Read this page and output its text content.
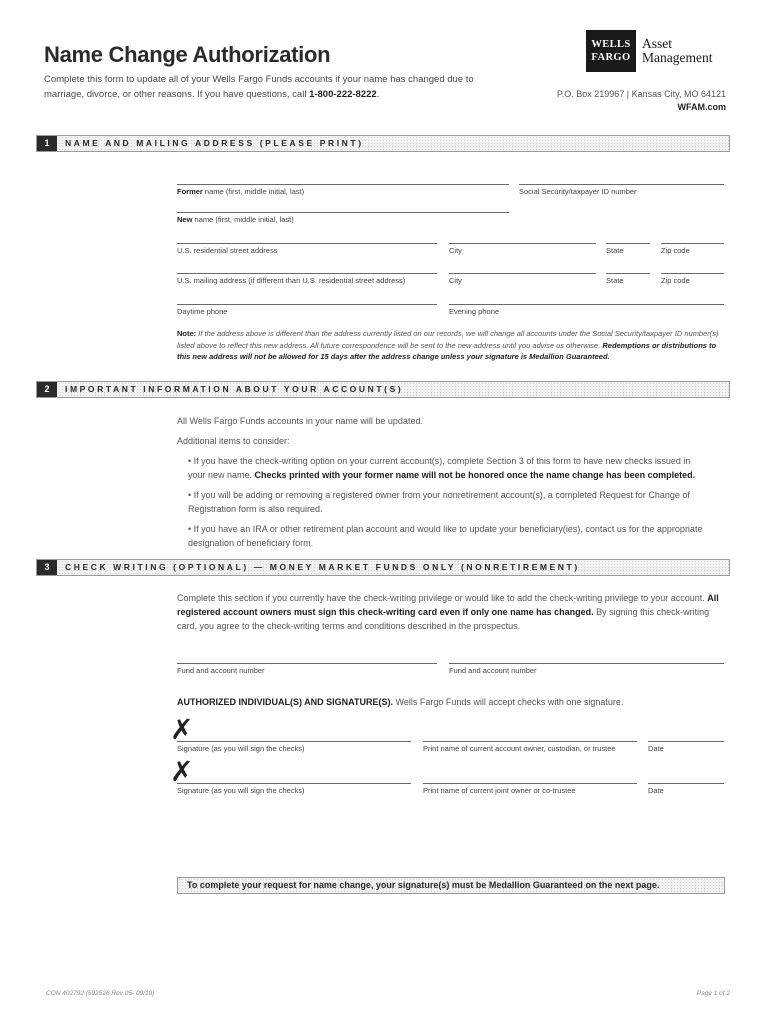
Name Change Authorization
Complete this form to update all of your Wells Fargo Funds accounts if your name has changed due to marriage, divorce, or other reasons. If you have questions, call 1-800-222-8222.
WELLS
FARGO
Asset
Management
P.O. Box 219967 | Kansas City, MO 64121
WFAM.com
1	NAME AND MAILING ADDRESS (PLEASE PRINT)
Former name (first, middle initial, last)	Social Security/taxpayer ID number
New name (first, middle initial, last)
U.S. residential street address	City	State	Zip code
U.S. mailing address (if different than U.S. residential street address)	City	State	Zip code
Daytime phone	Evening phone
Note: If the address above is different than the address currently listed on our records, we will change all accounts under the Social Security/taxpayer ID number(s) listed above to reflect this new address. All future correspondence will be sent to the new address until you advise us otherwise. Redemptions or distributions to this new address will not be allowed for 15 days after the address change unless your signature is Medallion Guaranteed.
2	IMPORTANT INFORMATION ABOUT YOUR ACCOUNT(S)
All Wells Fargo Funds accounts in your name will be updated.
Additional items to consider:
• If you have the check-writing option on your current account(s), complete Section 3 of this form to have new checks issued in your new name. Checks printed with your former name will not be honored once the name change has been completed.
• If you will be adding or removing a registered owner from your nonretirement account(s), a completed Request for Change of Registration form is also required.
• If you have an IRA or other retirement plan account and would like to update your beneficiary(ies), contact us for the appropriate designation of beneficiary form.
3	CHECK WRITING (OPTIONAL) — MONEY MARKET FUNDS ONLY (NONRETIREMENT)
Complete this section if you currently have the check-writing privilege or would like to add the check-writing privilege to your account. All registered account owners must sign this check-writing card even if only one name has changed. By signing this check-writing card, you agree to the check-writing terms and conditions described in the prospectus.
Fund and account number	Fund and account number
AUTHORIZED INDIVIDUAL(S) AND SIGNATURE(S). Wells Fargo Funds will accept checks with one signature.
✗
Signature (as you will sign the checks)	Print name of current account owner, custodian, or trustee	Date
✗
Signature (as you will sign the checks)	Print name of current joint owner or co-trustee	Date
To complete your request for name change, your signature(s) must be Medallion Guaranteed on the next page.
CON 402792 (592526 Rev 05- 09/19)	Page 1 of 2
